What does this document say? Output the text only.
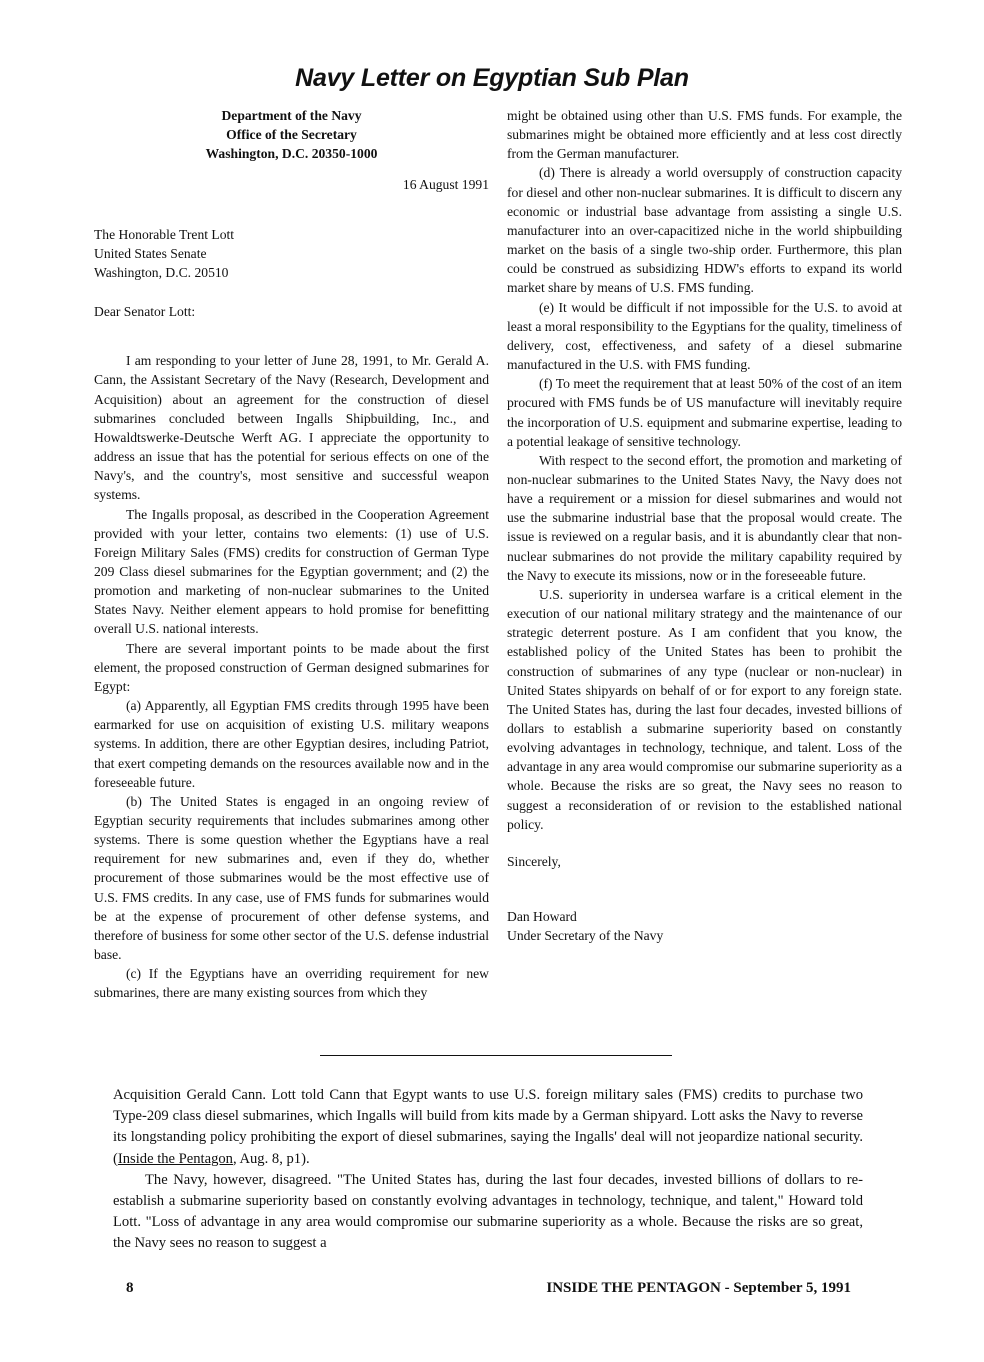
Navy Letter on Egyptian Sub Plan
Department of the Navy
Office of the Secretary
Washington, D.C. 20350-1000
16 August 1991
The Honorable Trent Lott
United States Senate
Washington, D.C. 20510
Dear Senator Lott:

I am responding to your letter of June 28, 1991, to Mr. Gerald A. Cann, the Assistant Secretary of the Navy (Research, Development and Acquisition) about an agreement for the construction of diesel submarines concluded between Ingalls Shipbuilding, Inc., and Howaldtswerke-Deutsche Werft AG. I appreciate the opportunity to address an issue that has the potential for serious effects on one of the Navy's, and the country's, most sensitive and successful weapon systems.

The Ingalls proposal, as described in the Cooperation Agreement provided with your letter, contains two elements: (1) use of U.S. Foreign Military Sales (FMS) credits for construction of German Type 209 Class diesel submarines for the Egyptian government; and (2) the promotion and marketing of non-nuclear submarines to the United States Navy. Neither element appears to hold promise for benefitting overall U.S. national interests.

There are several important points to be made about the first element, the proposed construction of German designed submarines for Egypt:

(a) Apparently, all Egyptian FMS credits through 1995 have been earmarked for use on acquisition of existing U.S. military weapons systems. In addition, there are other Egyptian desires, including Patriot, that exert competing demands on the resources available now and in the foreseeable future.

(b) The United States is engaged in an ongoing review of Egyptian security requirements that includes submarines among other systems. There is some question whether the Egyptians have a real requirement for new submarines and, even if they do, whether procurement of those submarines would be the most effective use of U.S. FMS credits. In any case, use of FMS funds for submarines would be at the expense of procurement of other defense systems, and therefore of business for some other sector of the U.S. defense industrial base.

(c) If the Egyptians have an overriding requirement for new submarines, there are many existing sources from which they

might be obtained using other than U.S. FMS funds. For example, the submarines might be obtained more efficiently and at less cost directly from the German manufacturer.

(d) There is already a world oversupply of construction capacity for diesel and other non-nuclear submarines. It is difficult to discern any economic or industrial base advantage from assisting a single U.S. manufacturer into an over-capacitized niche in the world shipbuilding market on the basis of a single two-ship order. Furthermore, this plan could be construed as subsidizing HDW's efforts to expand its world market share by means of U.S. FMS funding.

(e) It would be difficult if not impossible for the U.S. to avoid at least a moral responsibility to the Egyptians for the quality, timeliness of delivery, cost, effectiveness, and safety of a diesel submarine manufactured in the U.S. with FMS funding.

(f) To meet the requirement that at least 50% of the cost of an item procured with FMS funds be of US manufacture will inevitably require the incorporation of U.S. equipment and submarine expertise, leading to a potential leakage of sensitive technology.

With respect to the second effort, the promotion and marketing of non-nuclear submarines to the United States Navy, the Navy does not have a requirement or a mission for diesel submarines and would not use the submarine industrial base that the proposal would create. The issue is reviewed on a regular basis, and it is abundantly clear that non-nuclear submarines do not provide the military capability required by the Navy to execute its missions, now or in the foreseeable future.

U.S. superiority in undersea warfare is a critical element in the execution of our national military strategy and the maintenance of our strategic deterrent posture. As I am confident that you know, the established policy of the United States has been to prohibit the construction of submarines of any type (nuclear or non-nuclear) in United States shipyards on behalf of or for export to any foreign state. The United States has, during the last four decades, invested billions of dollars to establish a submarine superiority based on constantly evolving advantages in technology, technique, and talent. Loss of the advantage in any area would compromise our submarine superiority as a whole. Because the risks are so great, the Navy sees no reason to suggest a reconsideration of or revision to the established national policy.

Sincerely,

Dan Howard
Under Secretary of the Navy

Acquisition Gerald Cann. Lott told Cann that Egypt wants to use U.S. foreign military sales (FMS) credits to purchase two Type-209 class diesel submarines, which Ingalls will build from kits made by a German shipyard. Lott asks the Navy to reverse its longstanding policy prohibiting the export of diesel submarines, saying the Ingalls' deal will not jeopardize national security. (Inside the Pentagon, Aug. 8, p1).

The Navy, however, disagreed. "The United States has, during the last four decades, invested billions of dollars to re-establish a submarine superiority based on constantly evolving advantages in technology, technique, and talent," Howard told Lott. "Loss of advantage in any area would compromise our submarine superiority as a whole. Because the risks are so great, the Navy sees no reason to suggest a

8	INSIDE THE PENTAGON - September 5, 1991
